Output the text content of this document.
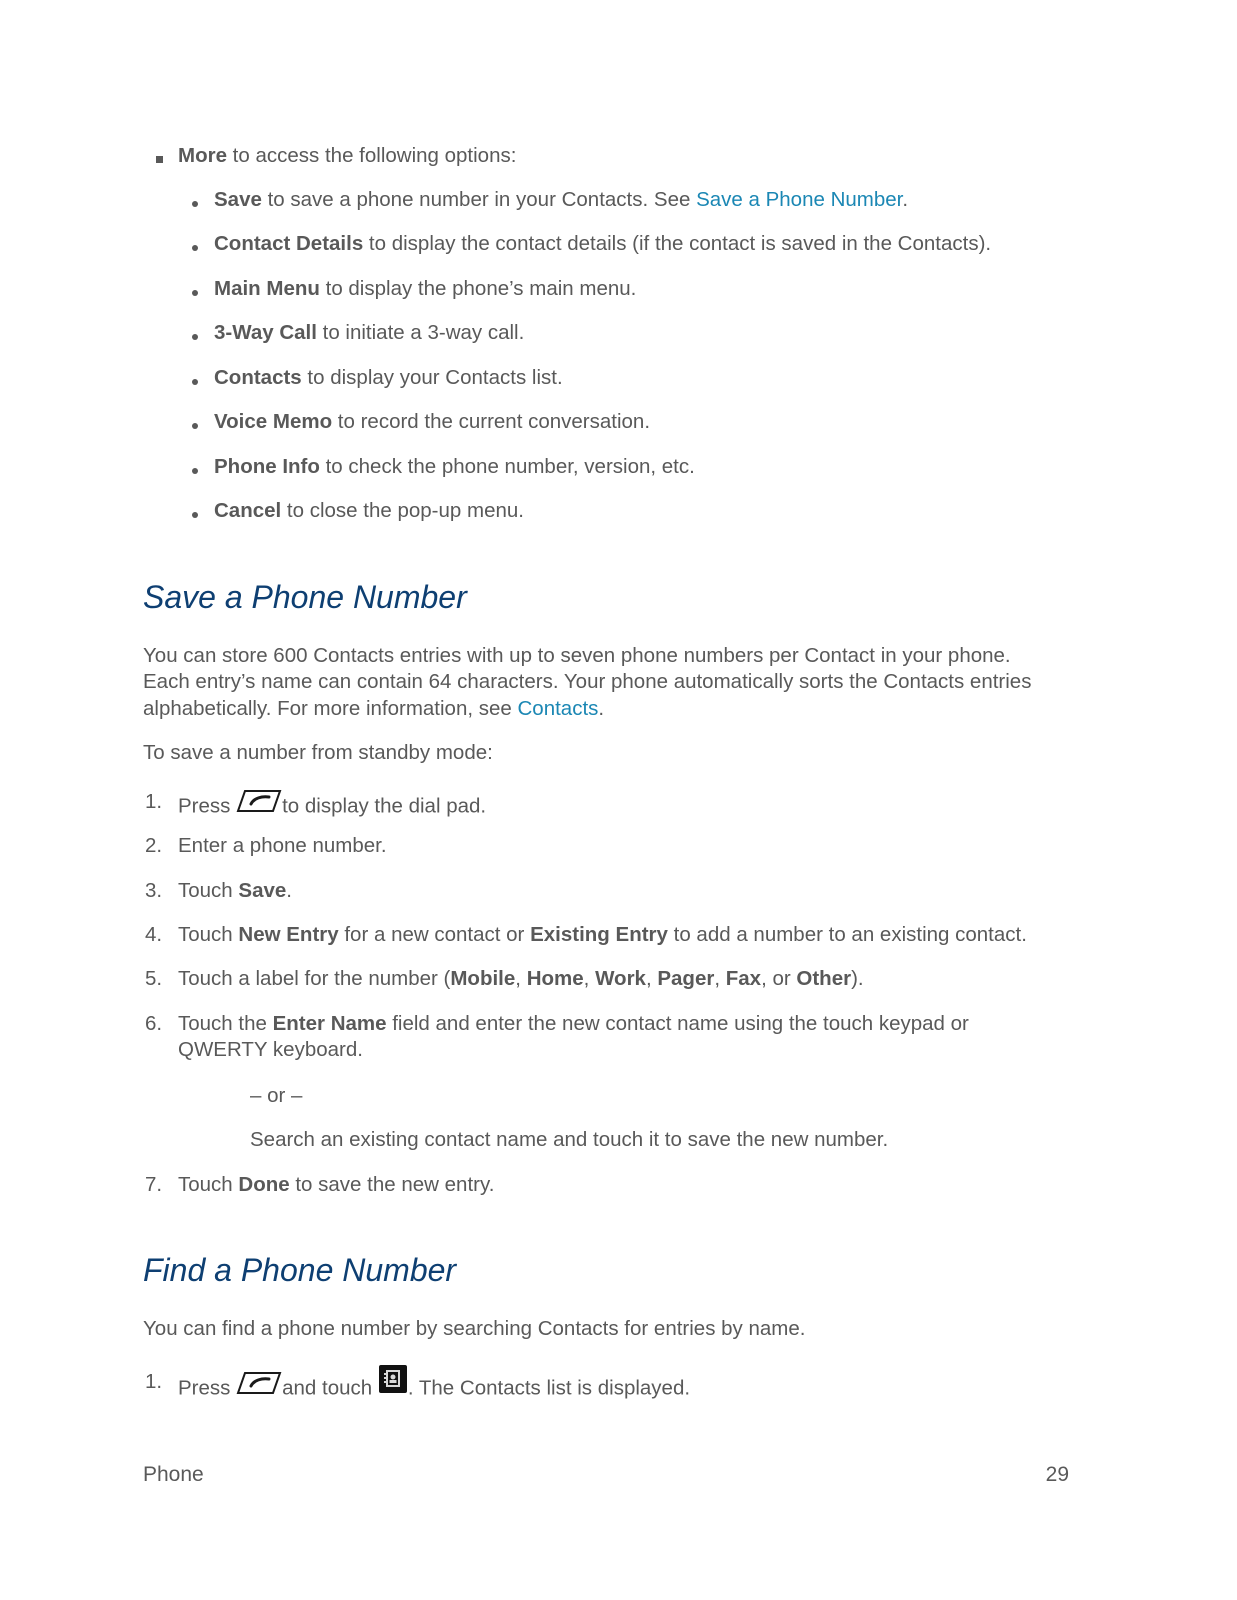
More to access the following options:
Save to save a phone number in your Contacts. See Save a Phone Number.
Contact Details to display the contact details (if the contact is saved in the Contacts).
Main Menu to display the phone’s main menu.
3-Way Call to initiate a 3-way call.
Contacts to display your Contacts list.
Voice Memo to record the current conversation.
Phone Info to check the phone number, version, etc.
Cancel to close the pop-up menu.
Save a Phone Number
You can store 600 Contacts entries with up to seven phone numbers per Contact in your phone.
Each entry’s name can contain 64 characters. Your phone automatically sorts the Contacts entries
alphabetically. For more information, see Contacts.
To save a number from standby mode:
1. Press to display the dial pad.
2. Enter a phone number.
3. Touch Save.
4. Touch New Entry for a new contact or Existing Entry to add a number to an existing contact.
5. Touch a label for the number (Mobile, Home, Work, Pager, Fax, or Other).
6. Touch the Enter Name field and enter the new contact name using the touch keypad or
QWERTY keyboard.
– or –
Search an existing contact name and touch it to save the new number.
7. Touch Done to save the new entry.
Find a Phone Number
You can find a phone number by searching Contacts for entries by name.
1. Press and touch . The Contacts list is displayed.
Phone	29
